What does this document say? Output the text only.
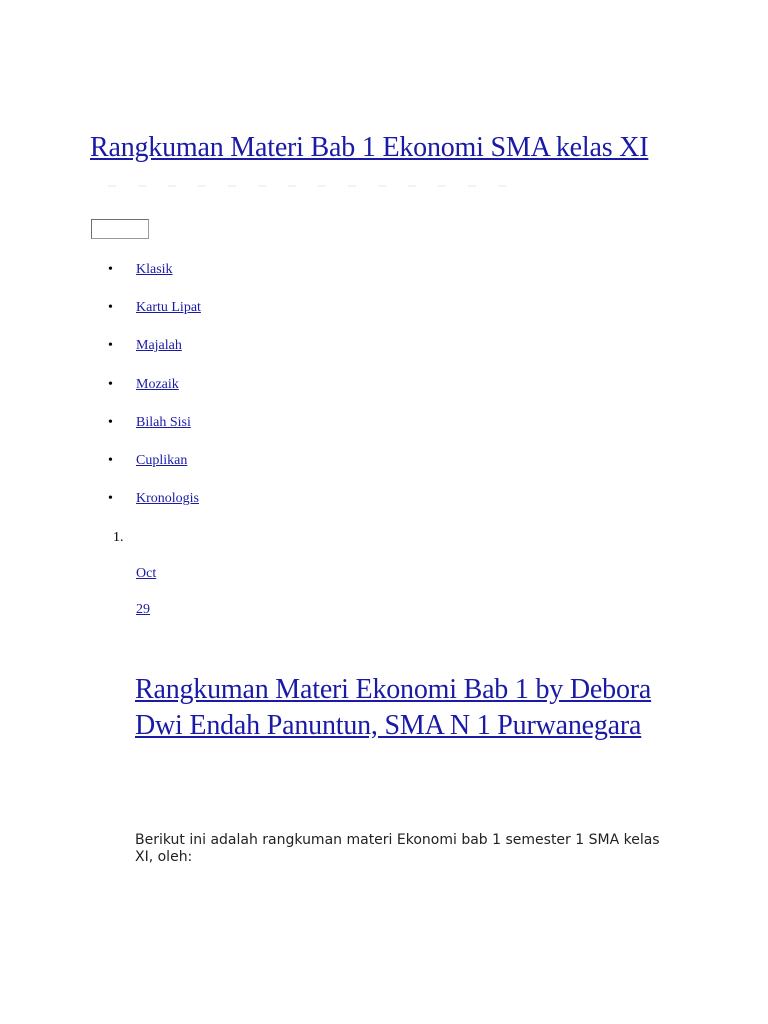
Rangkuman Materi Bab 1 Ekonomi SMA kelas XI
•	Klasik
•	Kartu Lipat
•	Majalah
•	Mozaik
•	Bilah Sisi
•	Cuplikan
•	Kronologis
1.
Oct
29
Rangkuman Materi Ekonomi Bab 1 by Debora Dwi Endah Panuntun, SMA N 1 Purwanegara

Berikut ini adalah rangkuman materi Ekonomi bab 1 semester 1 SMA kelas XI, oleh:
